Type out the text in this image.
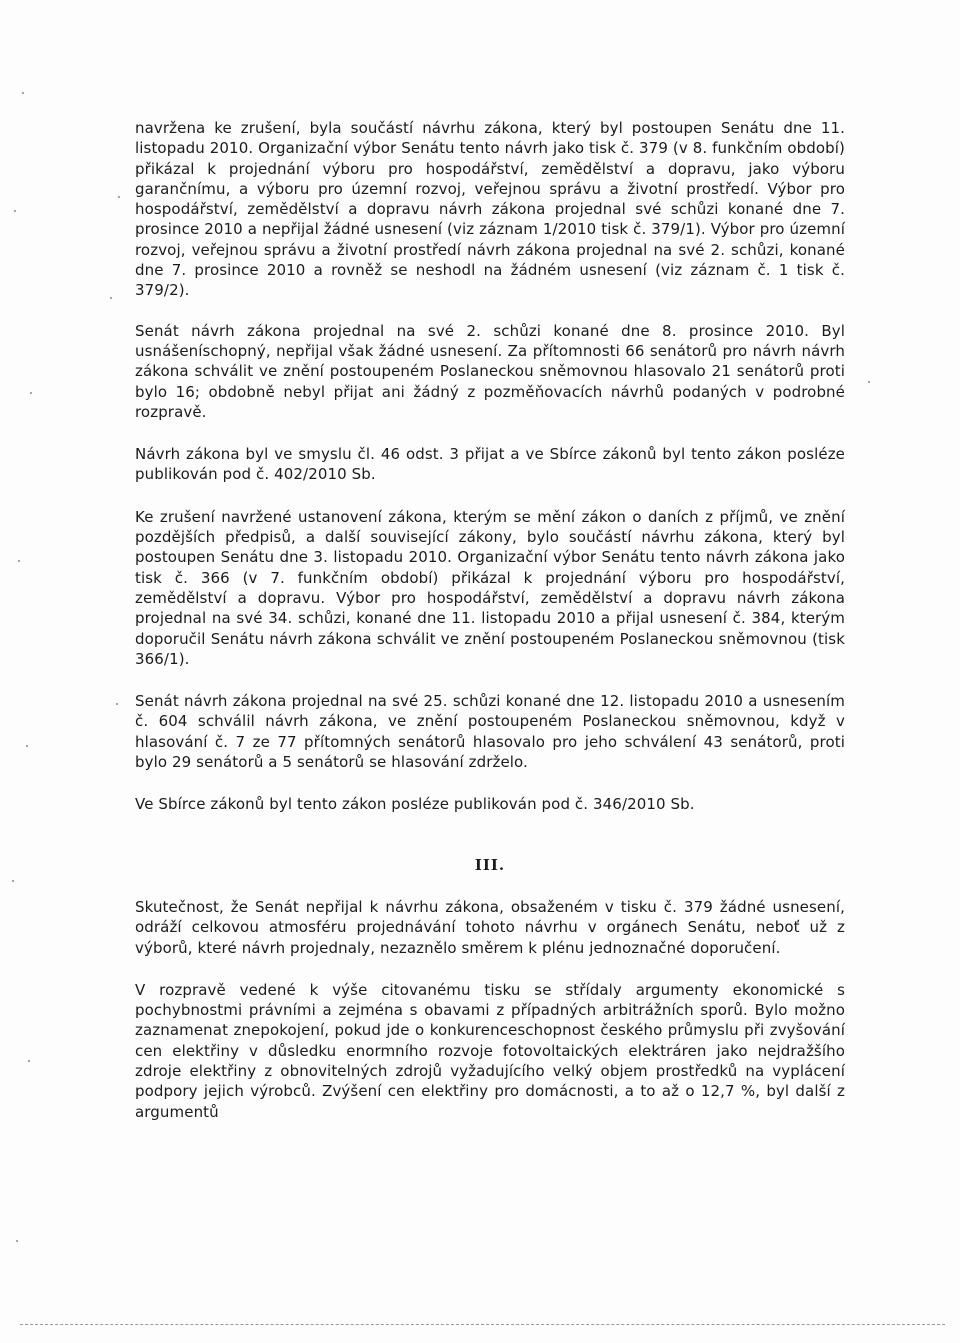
navržena ke zrušení, byla součástí návrhu zákona, který byl postoupen Senátu dne 11. listopadu 2010. Organizační výbor Senátu tento návrh jako tisk č. 379 (v 8. funkčním období) přikázal k projednání výboru pro hospodářství, zemědělství a dopravu, jako výboru garančnímu, a výboru pro územní rozvoj, veřejnou správu a životní prostředí. Výbor pro hospodářství, zemědělství a dopravu návrh zákona projednal své schůzi konané dne 7. prosince 2010 a nepřijal žádné usnesení (viz záznam 1/2010 tisk č. 379/1). Výbor pro územní rozvoj, veřejnou správu a životní prostředí návrh zákona projednal na své 2. schůzi, konané dne 7. prosince 2010 a rovněž se neshodl na žádném usnesení (viz záznam č. 1 tisk č. 379/2).

Senát návrh zákona projednal na své 2. schůzi konané dne 8. prosince 2010. Byl usnášeníschopný, nepřijal však žádné usnesení. Za přítomnosti 66 senátorů pro návrh návrh zákona schválit ve znění postoupeném Poslaneckou sněmovnou hlasovalo 21 senátorů proti bylo 16; obdobně nebyl přijat ani žádný z pozměňovacích návrhů podaných v podrobné rozpravě.

Návrh zákona byl ve smyslu čl. 46 odst. 3 přijat a ve Sbírce zákonů byl tento zákon posléze publikován pod č. 402/2010 Sb.

Ke zrušení navržené ustanovení zákona, kterým se mění zákon o daních z příjmů, ve znění pozdějších předpisů, a další související zákony, bylo součástí návrhu zákona, který byl postoupen Senátu dne 3. listopadu 2010. Organizační výbor Senátu tento návrh zákona jako tisk č. 366 (v 7. funkčním období) přikázal k projednání výboru pro hospodářství, zemědělství a dopravu. Výbor pro hospodářství, zemědělství a dopravu návrh zákona projednal na své 34. schůzi, konané dne 11. listopadu 2010 a přijal usnesení č. 384, kterým doporučil Senátu návrh zákona schválit ve znění postoupeném Poslaneckou sněmovnou (tisk 366/1).

Senát návrh zákona projednal na své 25. schůzi konané dne 12. listopadu 2010 a usnesením č. 604 schválil návrh zákona, ve znění postoupeném Poslaneckou sněmovnou, když v hlasování č. 7 ze 77 přítomných senátorů hlasovalo pro jeho schválení 43 senátorů, proti bylo 29 senátorů a 5 senátorů se hlasování zdrželo.

Ve Sbírce zákonů byl tento zákon posléze publikován pod č. 346/2010 Sb.

III.

Skutečnost, že Senát nepřijal k návrhu zákona, obsaženém v tisku č. 379 žádné usnesení, odráží celkovou atmosféru projednávání tohoto návrhu v orgánech Senátu, neboť už z výborů, které návrh projednaly, nezaznělo směrem k plénu jednoznačné doporučení.

V rozpravě vedené k výše citovanému tisku se střídaly argumenty ekonomické s pochybnostmi právními a zejména s obavami z případných arbitrážních sporů. Bylo možno zaznamenat znepokojení, pokud jde o konkurenceschopnost českého průmyslu při zvyšování cen elektřiny v důsledku enormního rozvoje fotovoltaických elektráren jako nejdražšího zdroje elektřiny z obnovitelných zdrojů vyžadujícího velký objem prostředků na vyplácení podpory jejich výrobců. Zvýšení cen elektřiny pro domácnosti, a to až o 12,7 %, byl další z argumentů
